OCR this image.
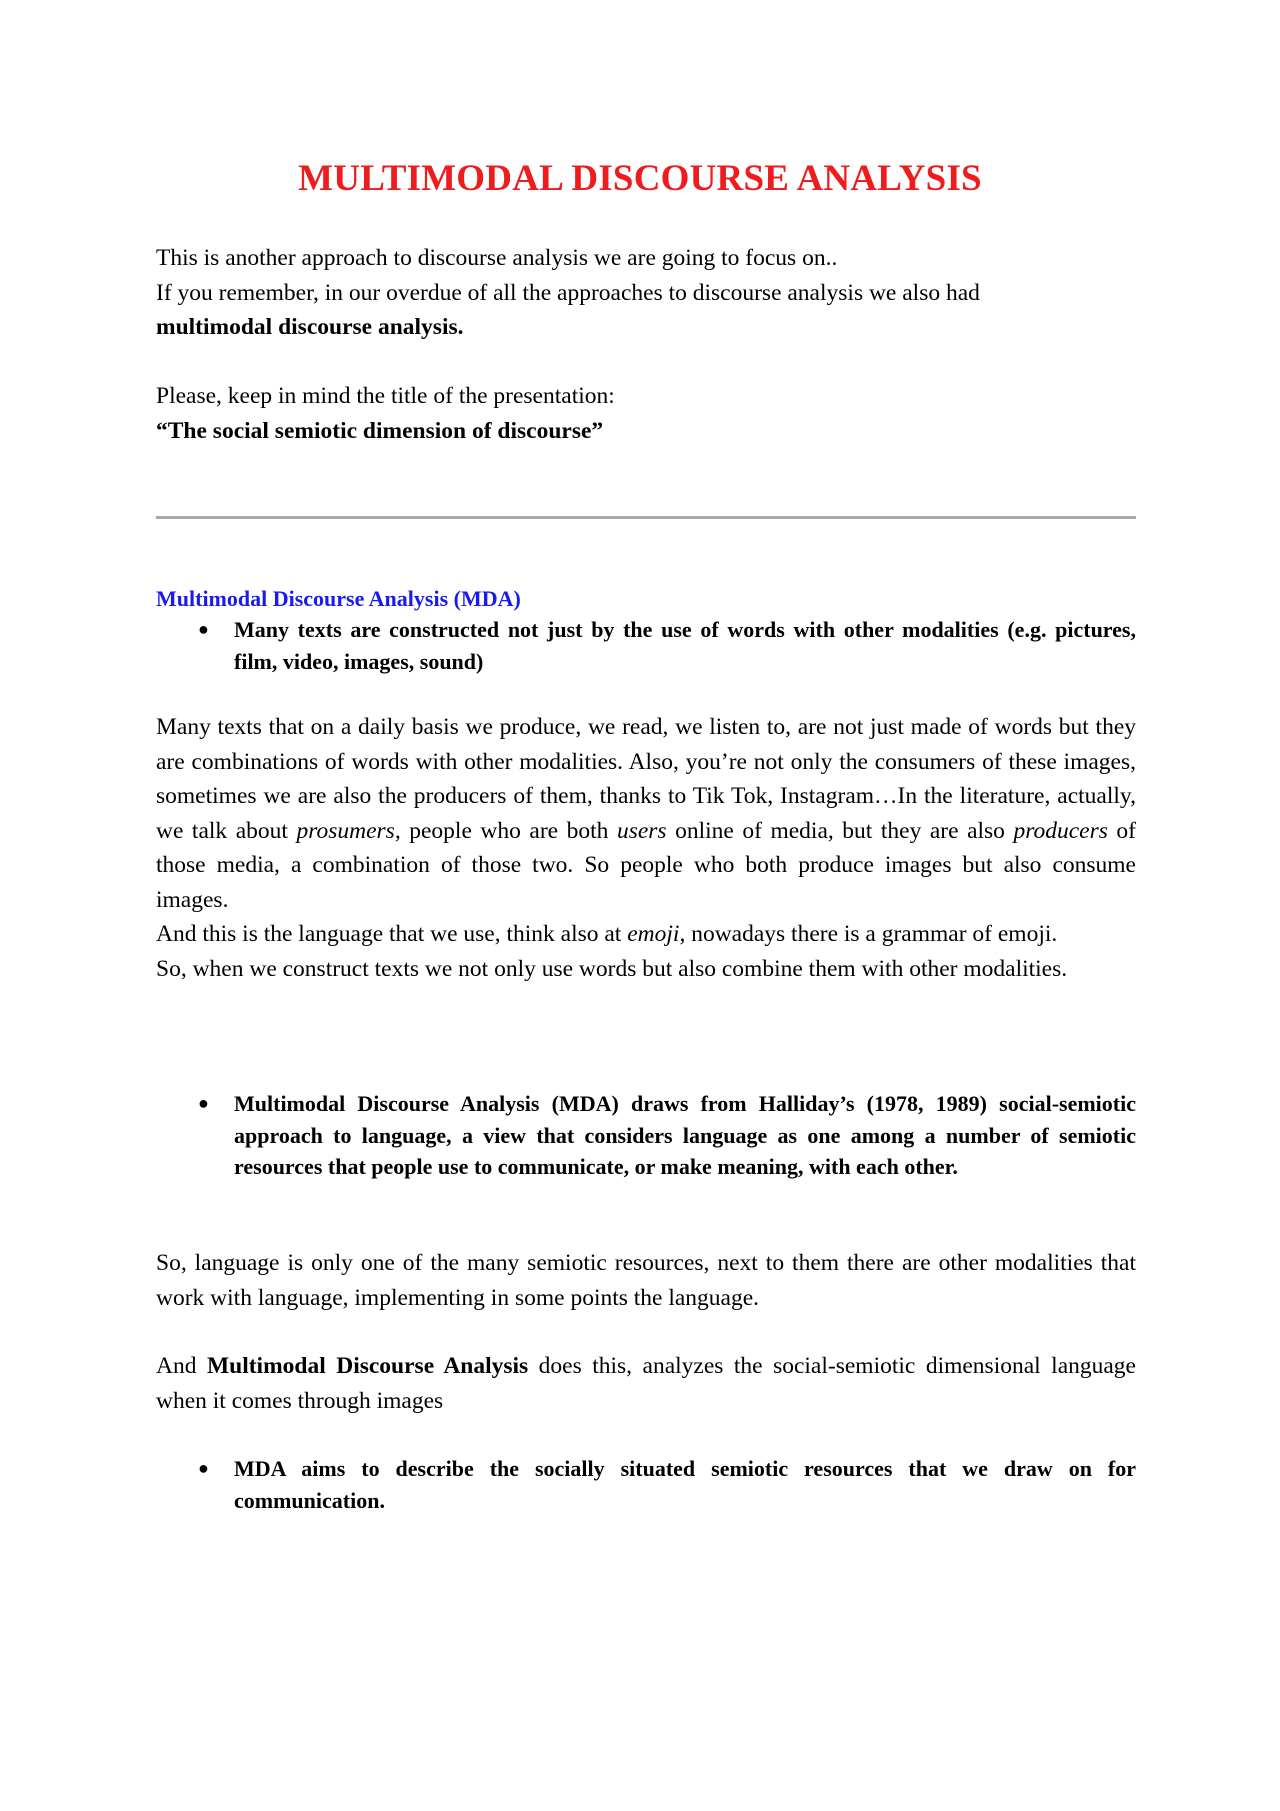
MULTIMODAL DISCOURSE ANALYSIS

This is another approach to discourse analysis we are going to focus on..

If you remember, in our overdue of all the approaches to discourse analysis we also had

multimodal discourse analysis.

Please, keep in mind the title of the presentation:

“The social semiotic dimension of discourse”

Multimodal Discourse Analysis (MDA)
● Many texts are constructed not just by the use of words with other modalities (e.g. pictures, film, video, images, sound)

Many texts that on a daily basis we produce, we read, we listen to, are not just made of words but they are combinations of words with other modalities. Also, you’re not only the consumers of these images, sometimes we are also the producers of them, thanks to Tik Tok, Instagram…In the literature, actually, we talk about prosumers, people who are both users online of media, but they are also producers of those media, a combination of those two. So people who both produce images but also consume images.

And this is the language that we use, think also at emoji, nowadays there is a grammar of emoji.

So, when we construct texts we not only use words but also combine them with other modalities.

● Multimodal Discourse Analysis (MDA) draws from Halliday’s (1978, 1989) social-semiotic approach to language, a view that considers language as one among a number of semiotic resources that people use to communicate, or make meaning, with each other.

So, language is only one of the many semiotic resources, next to them there are other modalities that work with language, implementing in some points the language.

And Multimodal Discourse Analysis does this, analyzes the social-semiotic dimensional language when it comes through images

● MDA aims to describe the socially situated semiotic resources that we draw on for communication.
